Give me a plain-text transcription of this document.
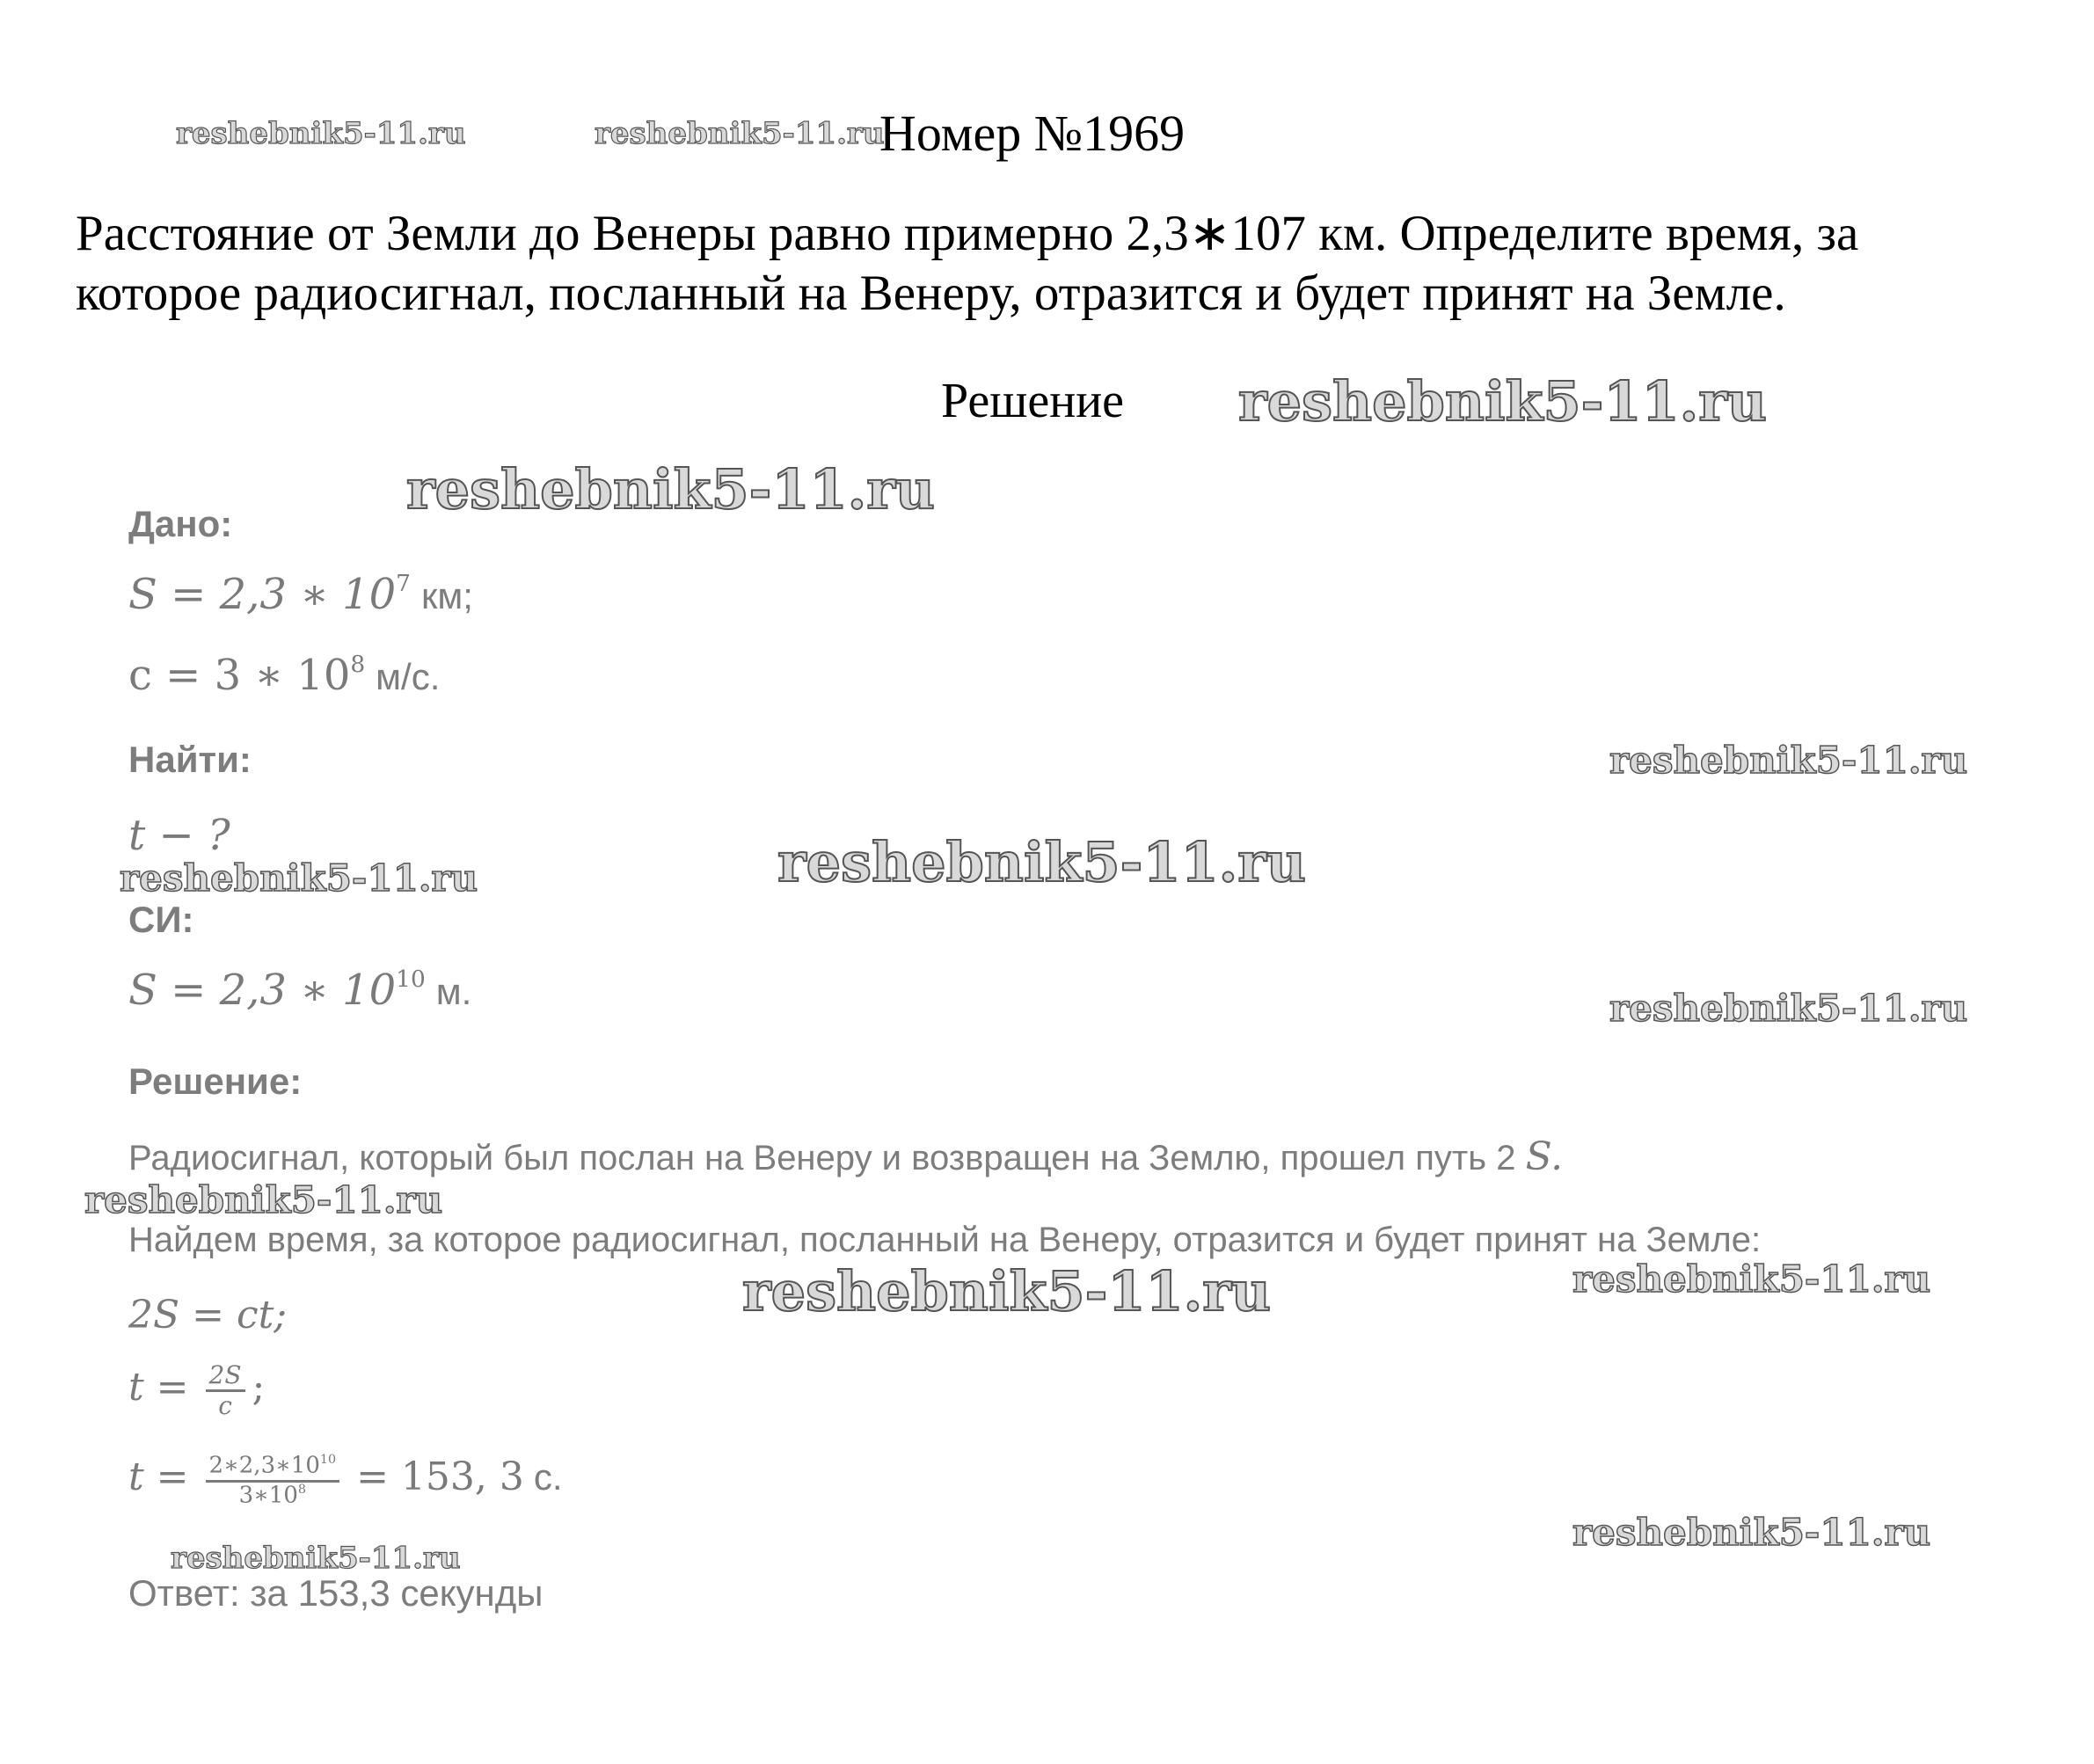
Номер №1969
Расстояние от Земли до Венеры равно примерно 2,3∗107 км. Определите время, за
которое радиосигнал, посланный на Венеру, отразится и будет принят на Земле.
Решение
Дано:
S = 2,3 ∗ $10^7$ км;
c = 3 ∗ $10^8$ м/с.
Найти:
t − ?
СИ:
S = 2,3 ∗ $10^{10}$ м.
Решение:
Радиосигнал, который был послан на Венеру и возвращен на Землю, прошел путь 2 S.
Найдем время, за которое радиосигнал, посланный на Венеру, отразится и будет принят на Земле:
2S = ct;
$t = \frac{2S}{c}$ ;
$t = \frac{2∗2,3∗10^{10}}{3∗10^8} = 153$, 3 с.
Ответ: за 153,3 секунды
reshebnik5-11.ru	reshebnik5-11.ru
reshebnik5-11.ru
reshebnik5-11.ru
reshebnik5-11.ru
reshebnik5-11.ru
reshebnik5-11.ru
reshebnik5-11.ru
reshebnik5-11.ru
reshebnik5-11.ru	reshebnik5-11.ru
reshebnik5-11.ru
reshebnik5-11.ru
